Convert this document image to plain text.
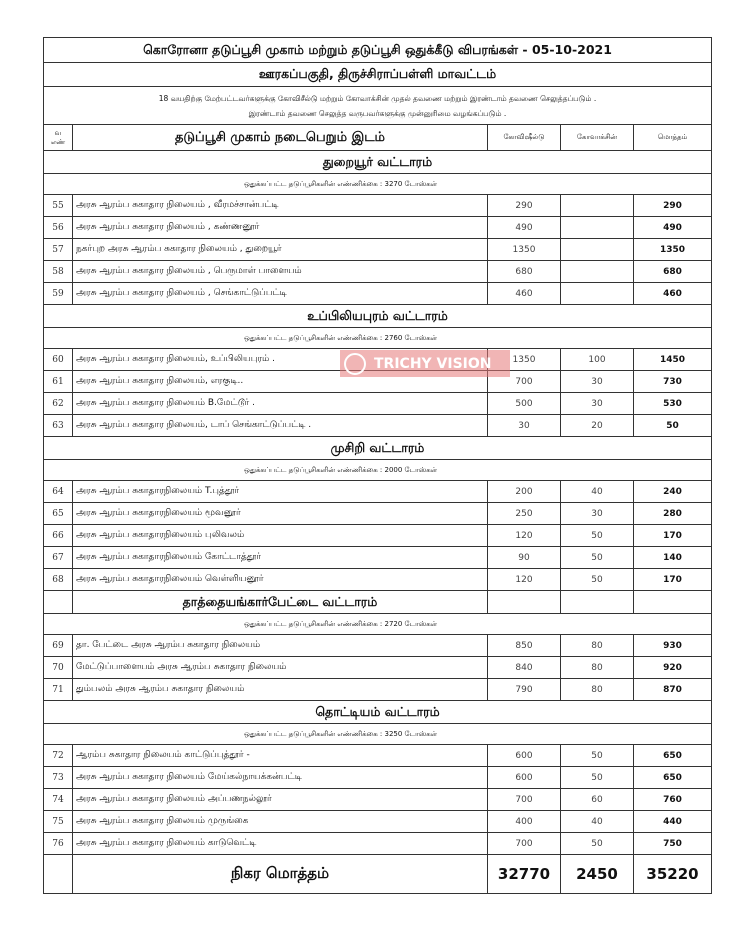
கொரோனா தடுப்பூசி முகாம் மற்றும் தடுப்பூசி ஒதுக்கீடு விபரங்கள் - 05-10-2021				
ஊரகப்பகுதி, திருச்சிராப்பள்ளி மாவட்டம்				

18 வயதிற்கு மேற்பட்டவர்களுக்கு கோவிசீல்டு மற்றும் கோவாக்சின் முதல் தவணை மற்றும் இரண்டாம் தவணை செலுத்தப்படும் .
இரண்டாம் தவணை செலுத்த வருபவர்களுக்கு முன்னுரிமை வழங்கப்படும் .				

வ எண்	தடுப்பூசி முகாம் நடைபெறும் இடம்	கோவிஷீல்டு	கோவாக்சின்	மொத்தம்
துறையூர் வட்டாரம்				
ஒதுக்கப்பட்ட தடுப்பூசிகளின் எண்ணிக்கை : 3270 டோஸ்கள்				
55	அரசு ஆரம்ப சுகாதார நிலையம் , வீரமச்சான்பட்டி	290		290
56	அரசு ஆரம்ப சுகாதார நிலையம் , கண்ணனூர்	490		490
57	நகர்புற அரசு ஆரம்ப சுகாதார நிலையம் , துறையூர்	1350		1350
58	அரசு ஆரம்ப சுகாதார நிலையம் , பெருமாள் பாளையம்	680		680
59	அரசு ஆரம்ப சுகாதார நிலையம் , செங்காட்டுப்பட்டி	460		460
உப்பிலியபுரம் வட்டாரம்				
ஒதுக்கப்பட்ட தடுப்பூசிகளின் எண்ணிக்கை : 2760 டோஸ்கள்				
60	அரசு ஆரம்ப சுகாதார நிலையம், உப்பிலியபுரம் .	1350	100	1450
61	அரசு ஆரம்ப சுகாதார நிலையம், எரகுடி..	700	30	730
62	அரசு ஆரம்ப சுகாதார நிலையம் B.மேட்டூர் .	500	30	530
63	அரசு ஆரம்ப சுகாதார நிலையம், டாப் செங்காட்டுப்பட்டி .	30	20	50
முசிறி வட்டாரம்				
ஒதுக்கப்பட்ட தடுப்பூசிகளின் எண்ணிக்கை : 2000 டோஸ்கள்				
64	அரசு ஆரம்ப சுகாதாரநிலையம் T.புத்தூர்	200	40	240
65	அரசு ஆரம்ப சுகாதாரநிலையம் மூவனூர்	250	30	280
66	அரசு ஆரம்ப சுகாதாரநிலையம் புலிவலம்	120	50	170
67	அரசு ஆரம்ப சுகாதாரநிலையம் கோட்டாத்தூர்	90	50	140
68	அரசு ஆரம்ப சுகாதாரநிலையம் வெள்ளியனூர்	120	50	170
	தாத்தையங்கார்பேட்டை வட்டாரம்			
ஒதுக்கப்பட்ட தடுப்பூசிகளின் எண்ணிக்கை : 2720 டோஸ்கள்				
69	தா. பேட்டை அரசு ஆரம்ப சுகாதார நிலையம்	850	80	930
70	மேட்டுப்பாளையம் அரசு ஆரம்ப சுகாதார நிலையம்	840	80	920
71	தும்பலம் அரசு ஆரம்ப சுகாதார நிலையம்	790	80	870
தொட்டியம் வட்டாரம்				
ஒதுக்கப்பட்ட தடுப்பூசிகளின் எண்ணிக்கை : 3250 டோஸ்கள்				
72	ஆரம்ப சுகாதார நிலையம் காட்டுப்புத்தூர் -	600	50	650
73	அரசு ஆரம்ப சுகாதார நிலையம் மேய்கல்நாயக்கன்பட்டி	600	50	650
74	அரசு ஆரம்ப சுகாதார நிலையம் அப்பணநல்லூர்	700	60	760
75	அரசு ஆரம்ப சுகாதார நிலையம் முருங்கை	400	40	440
76	அரசு ஆரம்ப சுகாதார நிலையம் காடுவெட்டி	700	50	750
	நிகர மொத்தம்	32770	2450	35220
TRICHY VISION
